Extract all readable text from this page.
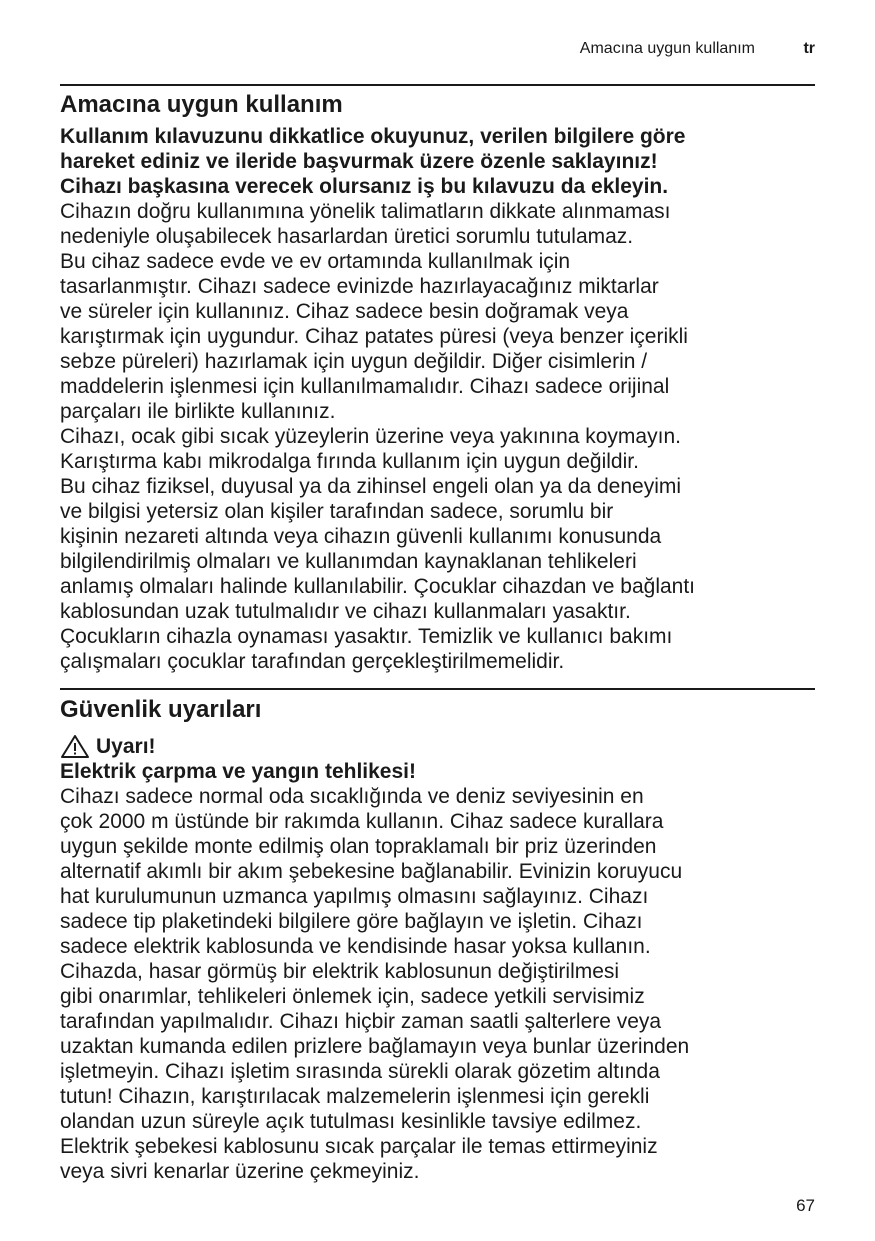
Amacına uygun kullanım	tr
Amacına uygun kullanım
Kullanım kılavuzunu dikkatlice okuyunuz, verilen bilgilere göre
hareket ediniz ve ileride başvurmak üzere özenle saklayınız!
Cihazı başkasına verecek olursanız iş bu kılavuzu da ekleyin.
Cihazın doğru kullanımına yönelik talimatların dikkate alınmaması
nedeniyle oluşabilecek hasarlardan üretici sorumlu tutulamaz.
Bu cihaz sadece evde ve ev ortamında kullanılmak için
tasarlanmıştır. Cihazı sadece evinizde hazırlayacağınız miktarlar
ve süreler için kullanınız. Cihaz sadece besin doğramak veya
karıştırmak için uygundur. Cihaz patates püresi (veya benzer içerikli
sebze püreleri) hazırlamak için uygun değildir. Diğer cisimlerin /
maddelerin işlenmesi için kullanılmamalıdır. Cihazı sadece orijinal
parçaları ile birlikte kullanınız.
Cihazı, ocak gibi sıcak yüzeylerin üzerine veya yakınına koymayın.
Karıştırma kabı mikrodalga fırında kullanım için uygun değildir.
Bu cihaz fiziksel, duyusal ya da zihinsel engeli olan ya da deneyimi
ve bilgisi yetersiz olan kişiler tarafından sadece, sorumlu bir
kişinin nezareti altında veya cihazın güvenli kullanımı konusunda
bilgilendirilmiş olmaları ve kullanımdan kaynaklanan tehlikeleri
anlamış olmaları halinde kullanılabilir. Çocuklar cihazdan ve bağlantı
kablosundan uzak tutulmalıdır ve cihazı kullanmaları yasaktır.
Çocukların cihazla oynaması yasaktır. Temizlik ve kullanıcı bakımı
çalışmaları çocuklar tarafından gerçekleştirilmemelidir.
Güvenlik uyarıları
Uyarı!
Elektrik çarpma ve yangın tehlikesi!
Cihazı sadece normal oda sıcaklığında ve deniz seviyesinin en
çok 2000 m üstünde bir rakımda kullanın. Cihaz sadece kurallara
uygun şekilde monte edilmiş olan topraklamalı bir priz üzerinden
alternatif akımlı bir akım şebekesine bağlanabilir. Evinizin koruyucu
hat kurulumunun uzmanca yapılmış olmasını sağlayınız. Cihazı
sadece tip plaketindeki bilgilere göre bağlayın ve işletin. Cihazı
sadece elektrik kablosunda ve kendisinde hasar yoksa kullanın.
Cihazda, hasar görmüş bir elektrik kablosunun değiştirilmesi
gibi onarımlar, tehlikeleri önlemek için, sadece yetkili servisimiz
tarafından yapılmalıdır. Cihazı hiçbir zaman saatli şalterlere veya
uzaktan kumanda edilen prizlere bağlamayın veya bunlar üzerinden
işletmeyin. Cihazı işletim sırasında sürekli olarak gözetim altında
tutun! Cihazın, karıştırılacak malzemelerin işlenmesi için gerekli
olandan uzun süreyle açık tutulması kesinlikle tavsiye edilmez.
Elektrik şebekesi kablosunu sıcak parçalar ile temas ettirmeyiniz
veya sivri kenarlar üzerine çekmeyiniz.
67
